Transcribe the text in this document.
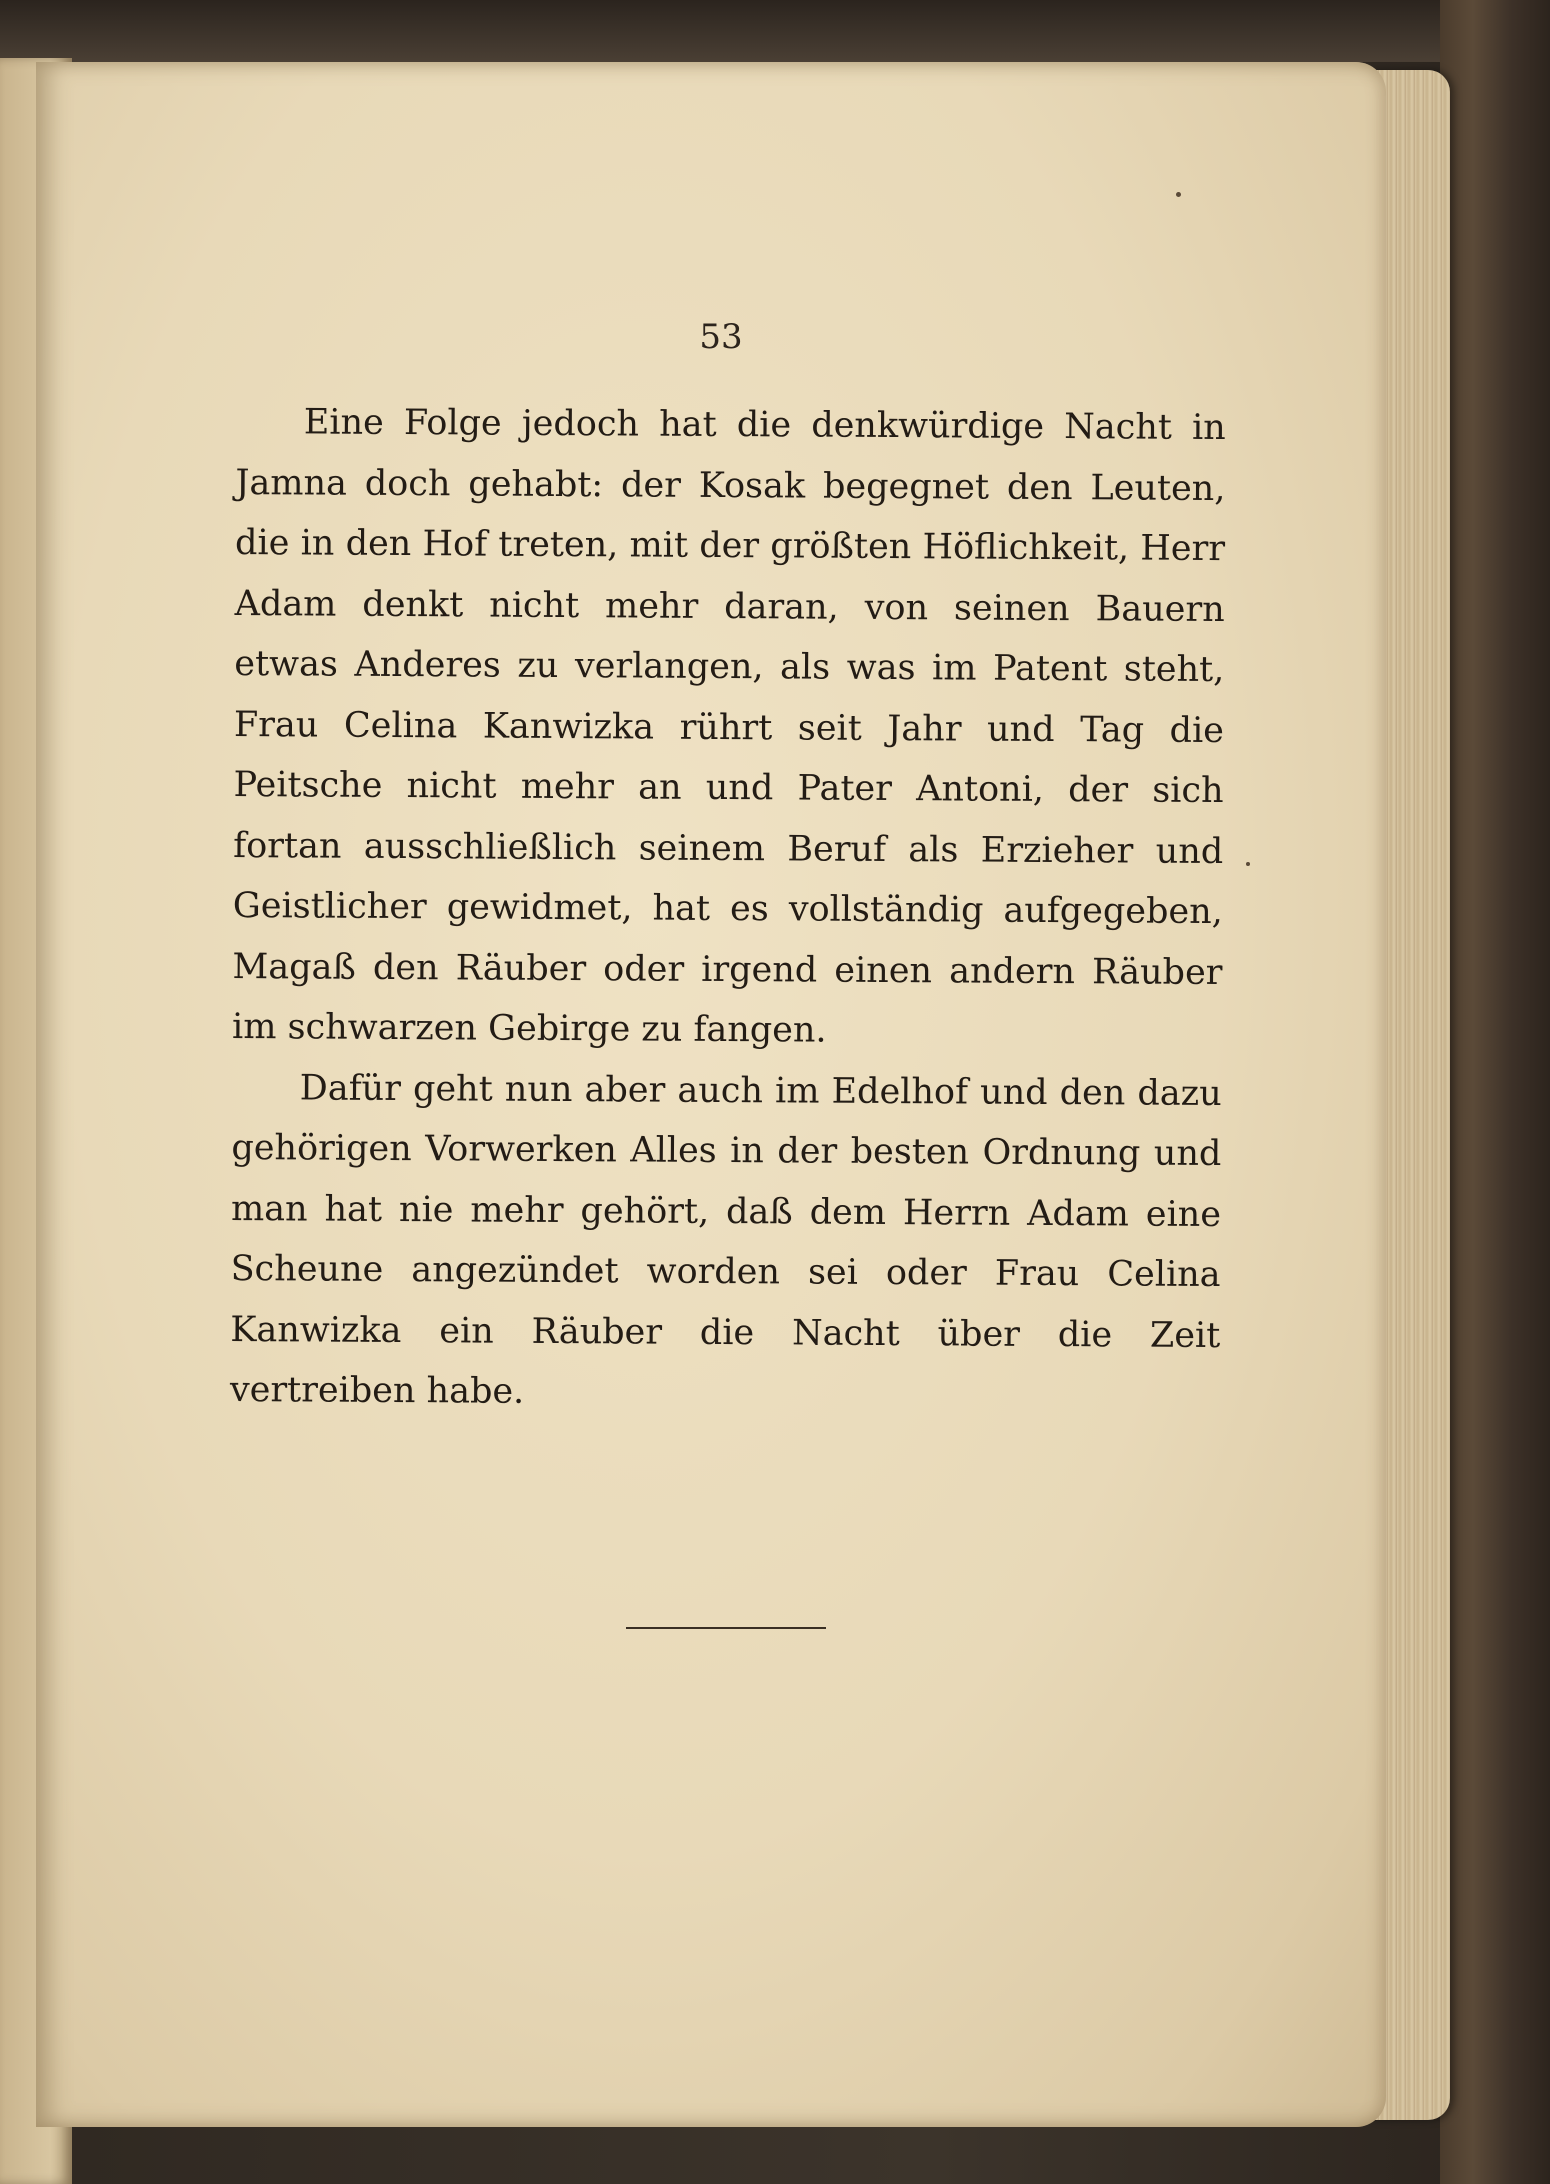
53

Eine Folge jedoch hat die denkwürdige Nacht in Jamna doch gehabt: der Kosak begegnet den Leuten, die in den Hof treten, mit der größten Höflichkeit, Herr Adam denkt nicht mehr daran, von seinen Bauern etwas Anderes zu verlangen, als was im Patent steht, Frau Celina Kanwizka rührt seit Jahr und Tag die Peitsche nicht mehr an und Pater Antoni, der sich fortan ausschließlich seinem Beruf als Erzieher und Geistlicher gewidmet, hat es vollständig aufgegeben, Magaß den Räuber oder irgend einen andern Räuber im schwarzen Gebirge zu fangen.

Dafür geht nun aber auch im Edelhof und den dazu gehörigen Vorwerken Alles in der besten Ordnung und man hat nie mehr gehört, daß dem Herrn Adam eine Scheune angezündet worden sei oder Frau Celina Kanwizka ein Räuber die Nacht über die Zeit vertreiben habe.
